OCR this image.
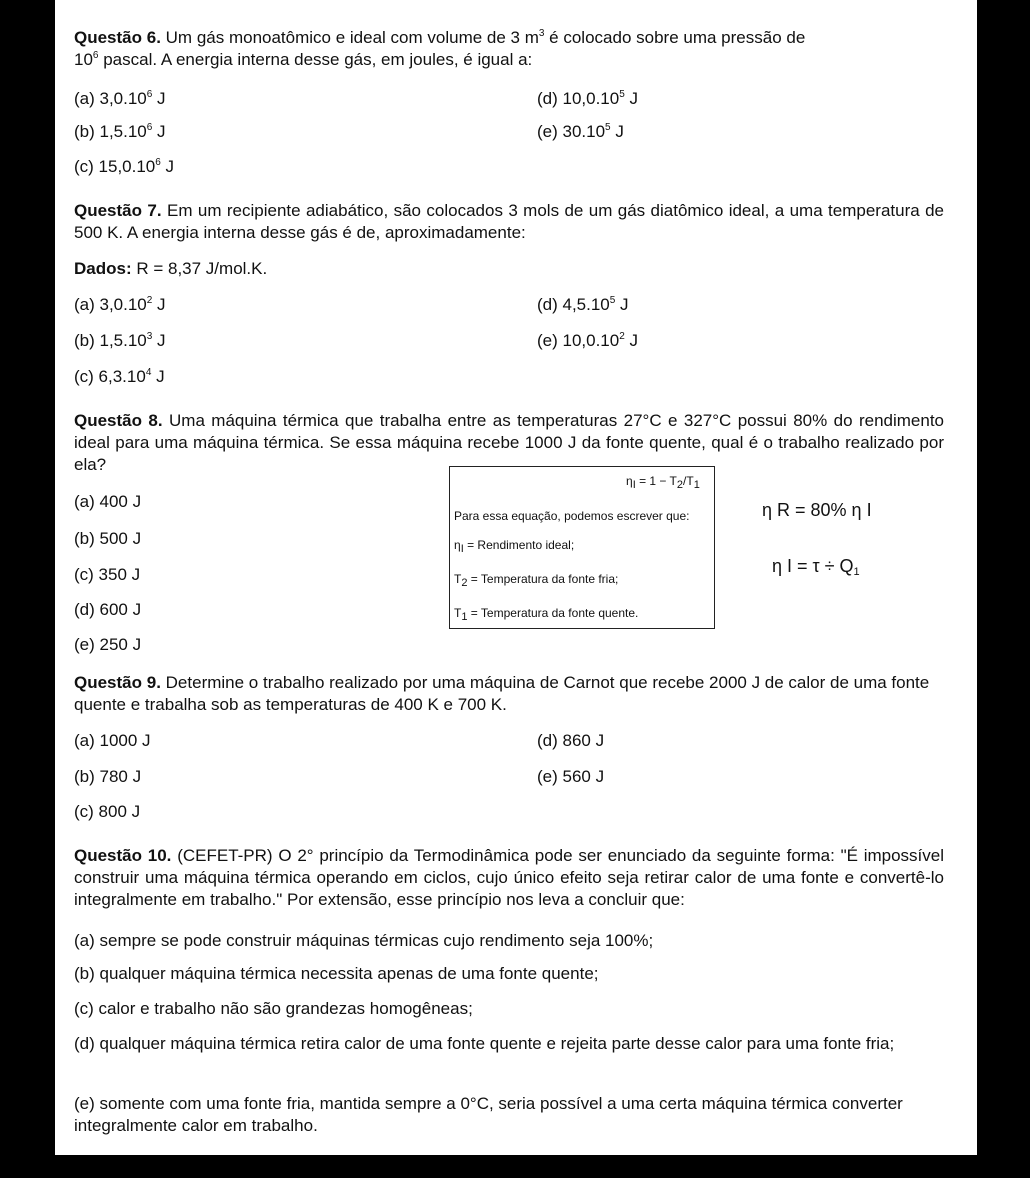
Questão 6. Um gás monoatômico e ideal com volume de 3 $m^3$ é colocado sobre uma pressão de
$10^6$ pascal. A energia interna desse gás, em joules, é igual a:
(a) 3,0.10$^6$ J
(b) 1,5.10$^6$ J
(c) 15,0.10$^6$ J
(d) 10,0.10$^5$ J
(e) 30.10$^5$ J
Questão 7. Em um recipiente adiabático, são colocados 3 mols de um gás diatômico ideal, a uma temperatura de 500 K. A energia interna desse gás é de, aproximadamente:
Dados: R = 8,37 J/mol.K.
(a) 3,0.10$^2$ J
(b) 1,5.10$^3$ J
(c) 6,3.10$^4$ J
(d) 4,5.10$^5$ J
(e) 10,0.10$^2$ J
Questão 8. Uma máquina térmica que trabalha entre as temperaturas 27°C e 327°C possui 80% do rendimento ideal para uma máquina térmica. Se essa máquina recebe 1000 J da fonte quente, qual é o trabalho realizado por ela?
(a) 400 J
(b) 500 J
(c) 350 J
(d) 600 J
(e) 250 J
$\eta_I = 1 - T_2/T_1$
Para essa equação, podemos escrever que:
$\eta_I$ = Rendimento ideal;
$T_2$ = Temperatura da fonte fria;
$T_1$ = Temperatura da fonte quente.
η R = 80% η I
η $I = \tau \div Q_1$
Questão 9. Determine o trabalho realizado por uma máquina de Carnot que recebe 2000 J de calor de uma fonte quente e trabalha sob as temperaturas de 400 K e 700 K.
(a) 1000 J
(b) 780 J
(c) 800 J
(d) 860 J
(e) 560 J
Questão 10. (CEFET-PR) O 2° princípio da Termodinâmica pode ser enunciado da seguinte forma: "É impossível construir uma máquina térmica operando em ciclos, cujo único efeito seja retirar calor de uma fonte e convertê-lo integralmente em trabalho." Por extensão, esse princípio nos leva a concluir que:
(a) sempre se pode construir máquinas térmicas cujo rendimento seja 100%;
(b) qualquer máquina térmica necessita apenas de uma fonte quente;
(c) calor e trabalho não são grandezas homogêneas;
(d) qualquer máquina térmica retira calor de uma fonte quente e rejeita parte desse calor para uma fonte fria;
(e) somente com uma fonte fria, mantida sempre a 0°C, seria possível a uma certa máquina térmica converter integralmente calor em trabalho.
